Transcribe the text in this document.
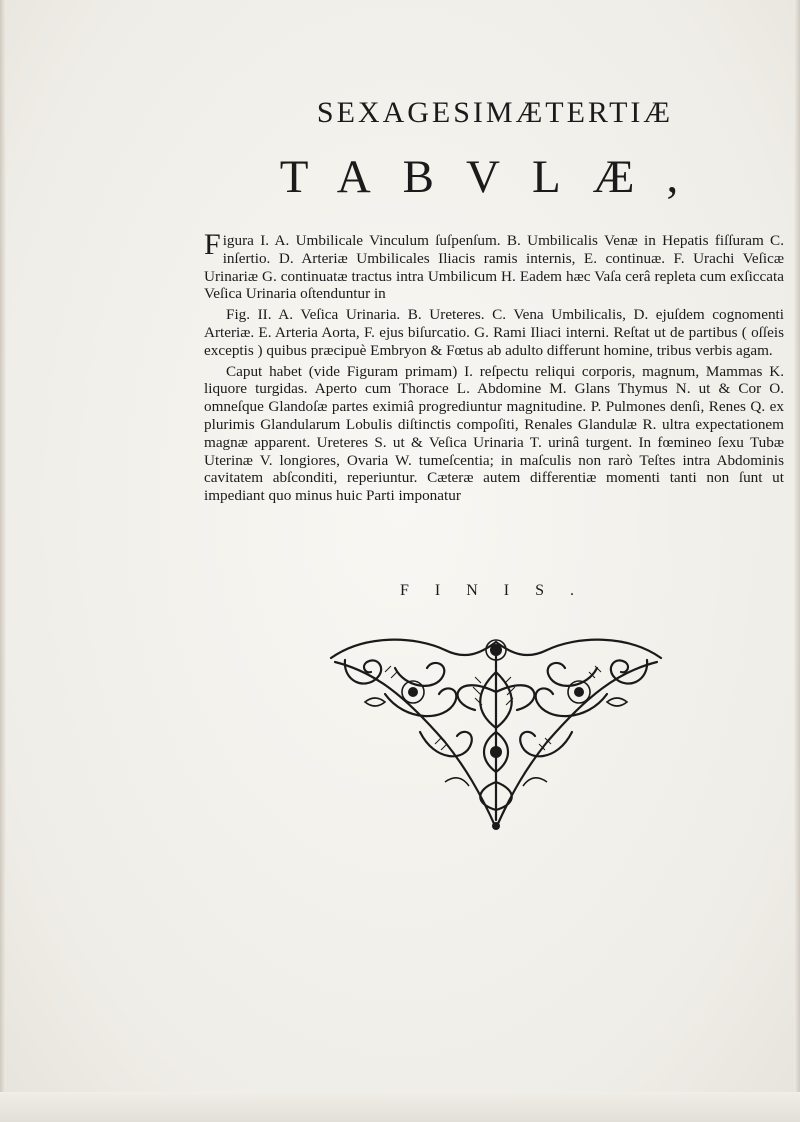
SEXAGESIMÆTERTIÆ
TABVLÆ,

Figura I. A. Umbilicale Vinculum ſuſpenſum. B. Umbilicalis Venæ in Hepatis fiſſuram C. inſertio. D. Arteriæ Umbilicales Iliacis ramis internis, E. continuæ. F. Urachi Veſicæ Urinariæ G. continuatæ tractus intra Umbilicum H. Eadem hæc Vaſa cerâ repleta cum exſiccata Veſica Urinaria oſtenduntur in

Fig. II. A. Veſica Urinaria. B. Ureteres. C. Vena Umbilicalis, D. ejuſdem cognomenti Arteriæ. E. Arteria Aorta, F. ejus biſurcatio. G. Rami Iliaci interni. Reſtat ut de partibus ( oſſeis exceptis ) quibus præcipuè Embryon & Fœtus ab adulto differunt homine, tribus verbis agam.

Caput habet (vide Figuram primam) I. reſpectu reliqui corporis, magnum, Mammas K. liquore turgidas. Aperto cum Thorace L. Abdomine M. Glans Thymus N. ut & Cor O. omneſque Glandoſæ partes eximiâ progrediuntur magnitudine. P. Pulmones denſi, Renes Q. ex plurimis Glandularum Lobulis diſtinctis compoſiti, Renales Glandulæ R. ultra expectationem magnæ apparent. Ureteres S. ut & Veſica Urinaria T. urinâ turgent. In fœmineo ſexu Tubæ Uterinæ V. longiores, Ovaria W. tumeſcentia; in maſculis non rarò Teſtes intra Abdominis cavitatem abſconditi, reperiuntur. Cæteræ autem differentiæ momenti tanti non ſunt ut impediant quo minus huic Parti imponatur

FINIS.
